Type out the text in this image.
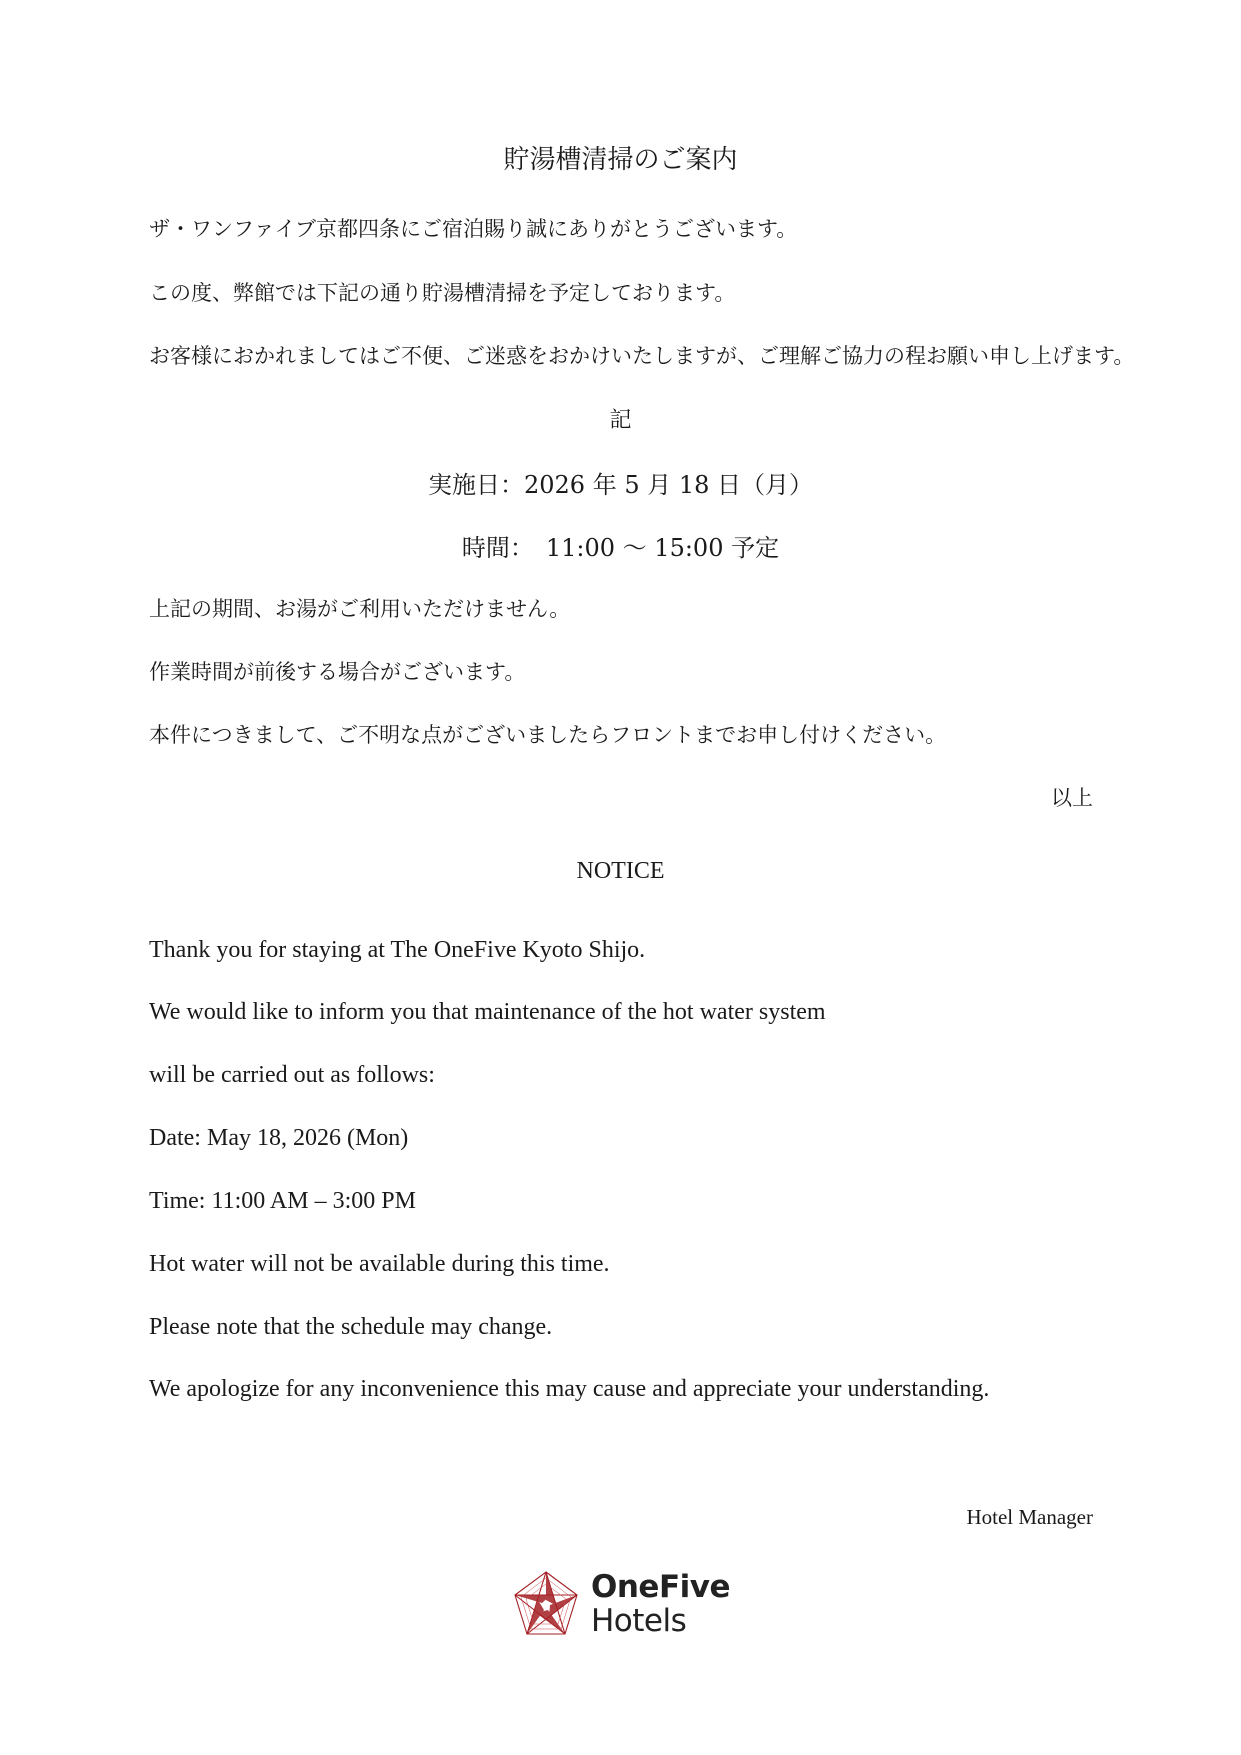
貯湯槽清掃のご案内

ザ・ワンファイブ京都四条にご宿泊賜り誠にありがとうございます。

この度、弊館では下記の通り貯湯槽清掃を予定しております。

お客様におかれましてはご不便、ご迷惑をおかけいたしますが、ご理解ご協力の程お願い申し上げます。

記

実施日：2026 年 5 月 18 日（月）

時間：　11:00 〜 15:00 予定

上記の期間、お湯がご利用いただけません。

作業時間が前後する場合がございます。

本件につきまして、ご不明な点がございましたらフロントまでお申し付けください。

以上

NOTICE

Thank you for staying at The OneFive Kyoto Shijo.

We would like to inform you that maintenance of the hot water system

will be carried out as follows:

Date: May 18, 2026 (Mon)

Time: 11:00 AM – 3:00 PM

Hot water will not be available during this time.

Please note that the schedule may change.

We apologize for any inconvenience this may cause and appreciate your understanding.

Hotel Manager

OneFive
Hotels
